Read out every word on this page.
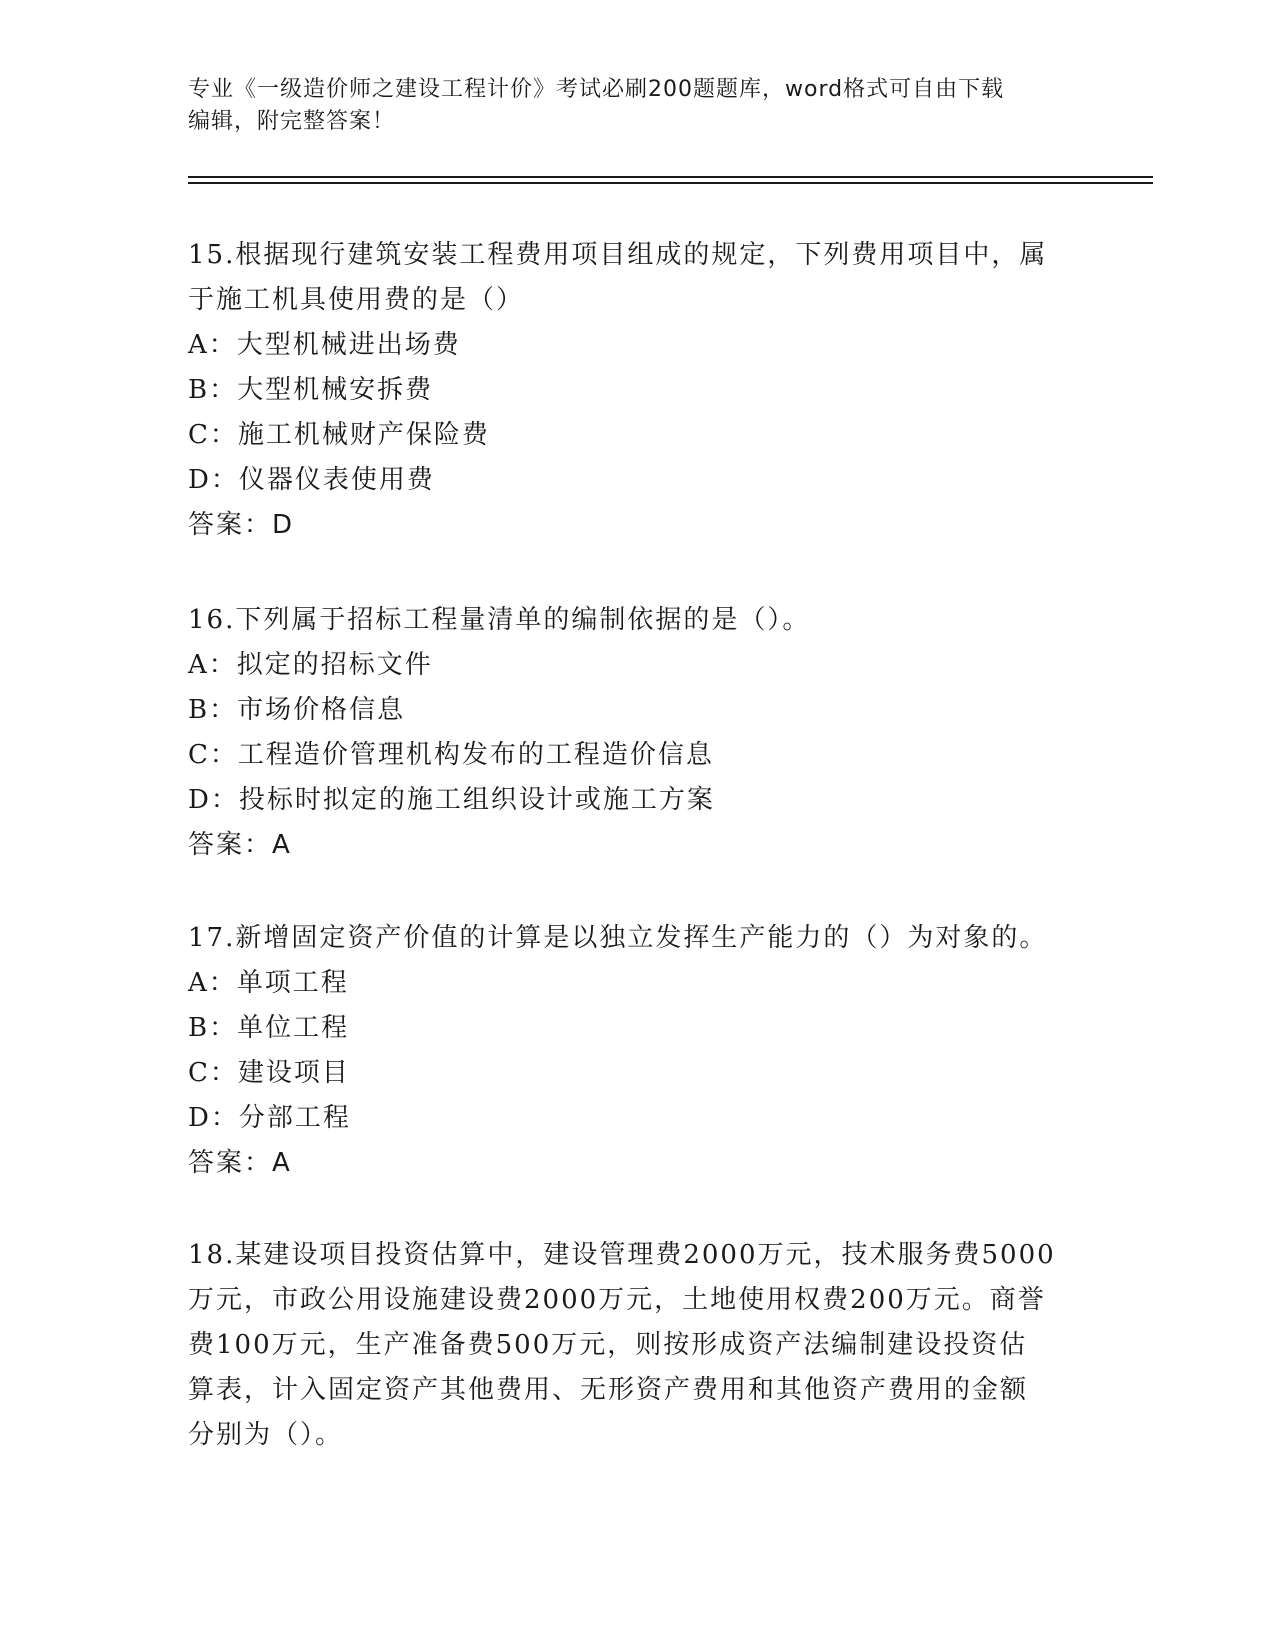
专业《一级造价师之建设工程计价》考试必刷200题题库，word格式可自由下载
编辑，附完整答案！

15.根据现行建筑安装工程费用项目组成的规定，下列费用项目中，属

于施工机具使用费的是（）

A：大型机械进出场费

B：大型机械安拆费

C：施工机械财产保险费

D：仪器仪表使用费

答案：D

16.下列属于招标工程量清单的编制依据的是（）。

A：拟定的招标文件

B：市场价格信息

C：工程造价管理机构发布的工程造价信息

D：投标时拟定的施工组织设计或施工方案

答案：A

17.新增固定资产价值的计算是以独立发挥生产能力的（）为对象的。

A：单项工程

B：单位工程

C：建设项目

D：分部工程

答案：A

18.某建设项目投资估算中，建设管理费2000万元，技术服务费5000

万元，市政公用设施建设费2000万元，土地使用权费200万元。商誉

费100万元，生产准备费500万元，则按形成资产法编制建设投资估

算表，计入固定资产其他费用、无形资产费用和其他资产费用的金额

分别为（）。
